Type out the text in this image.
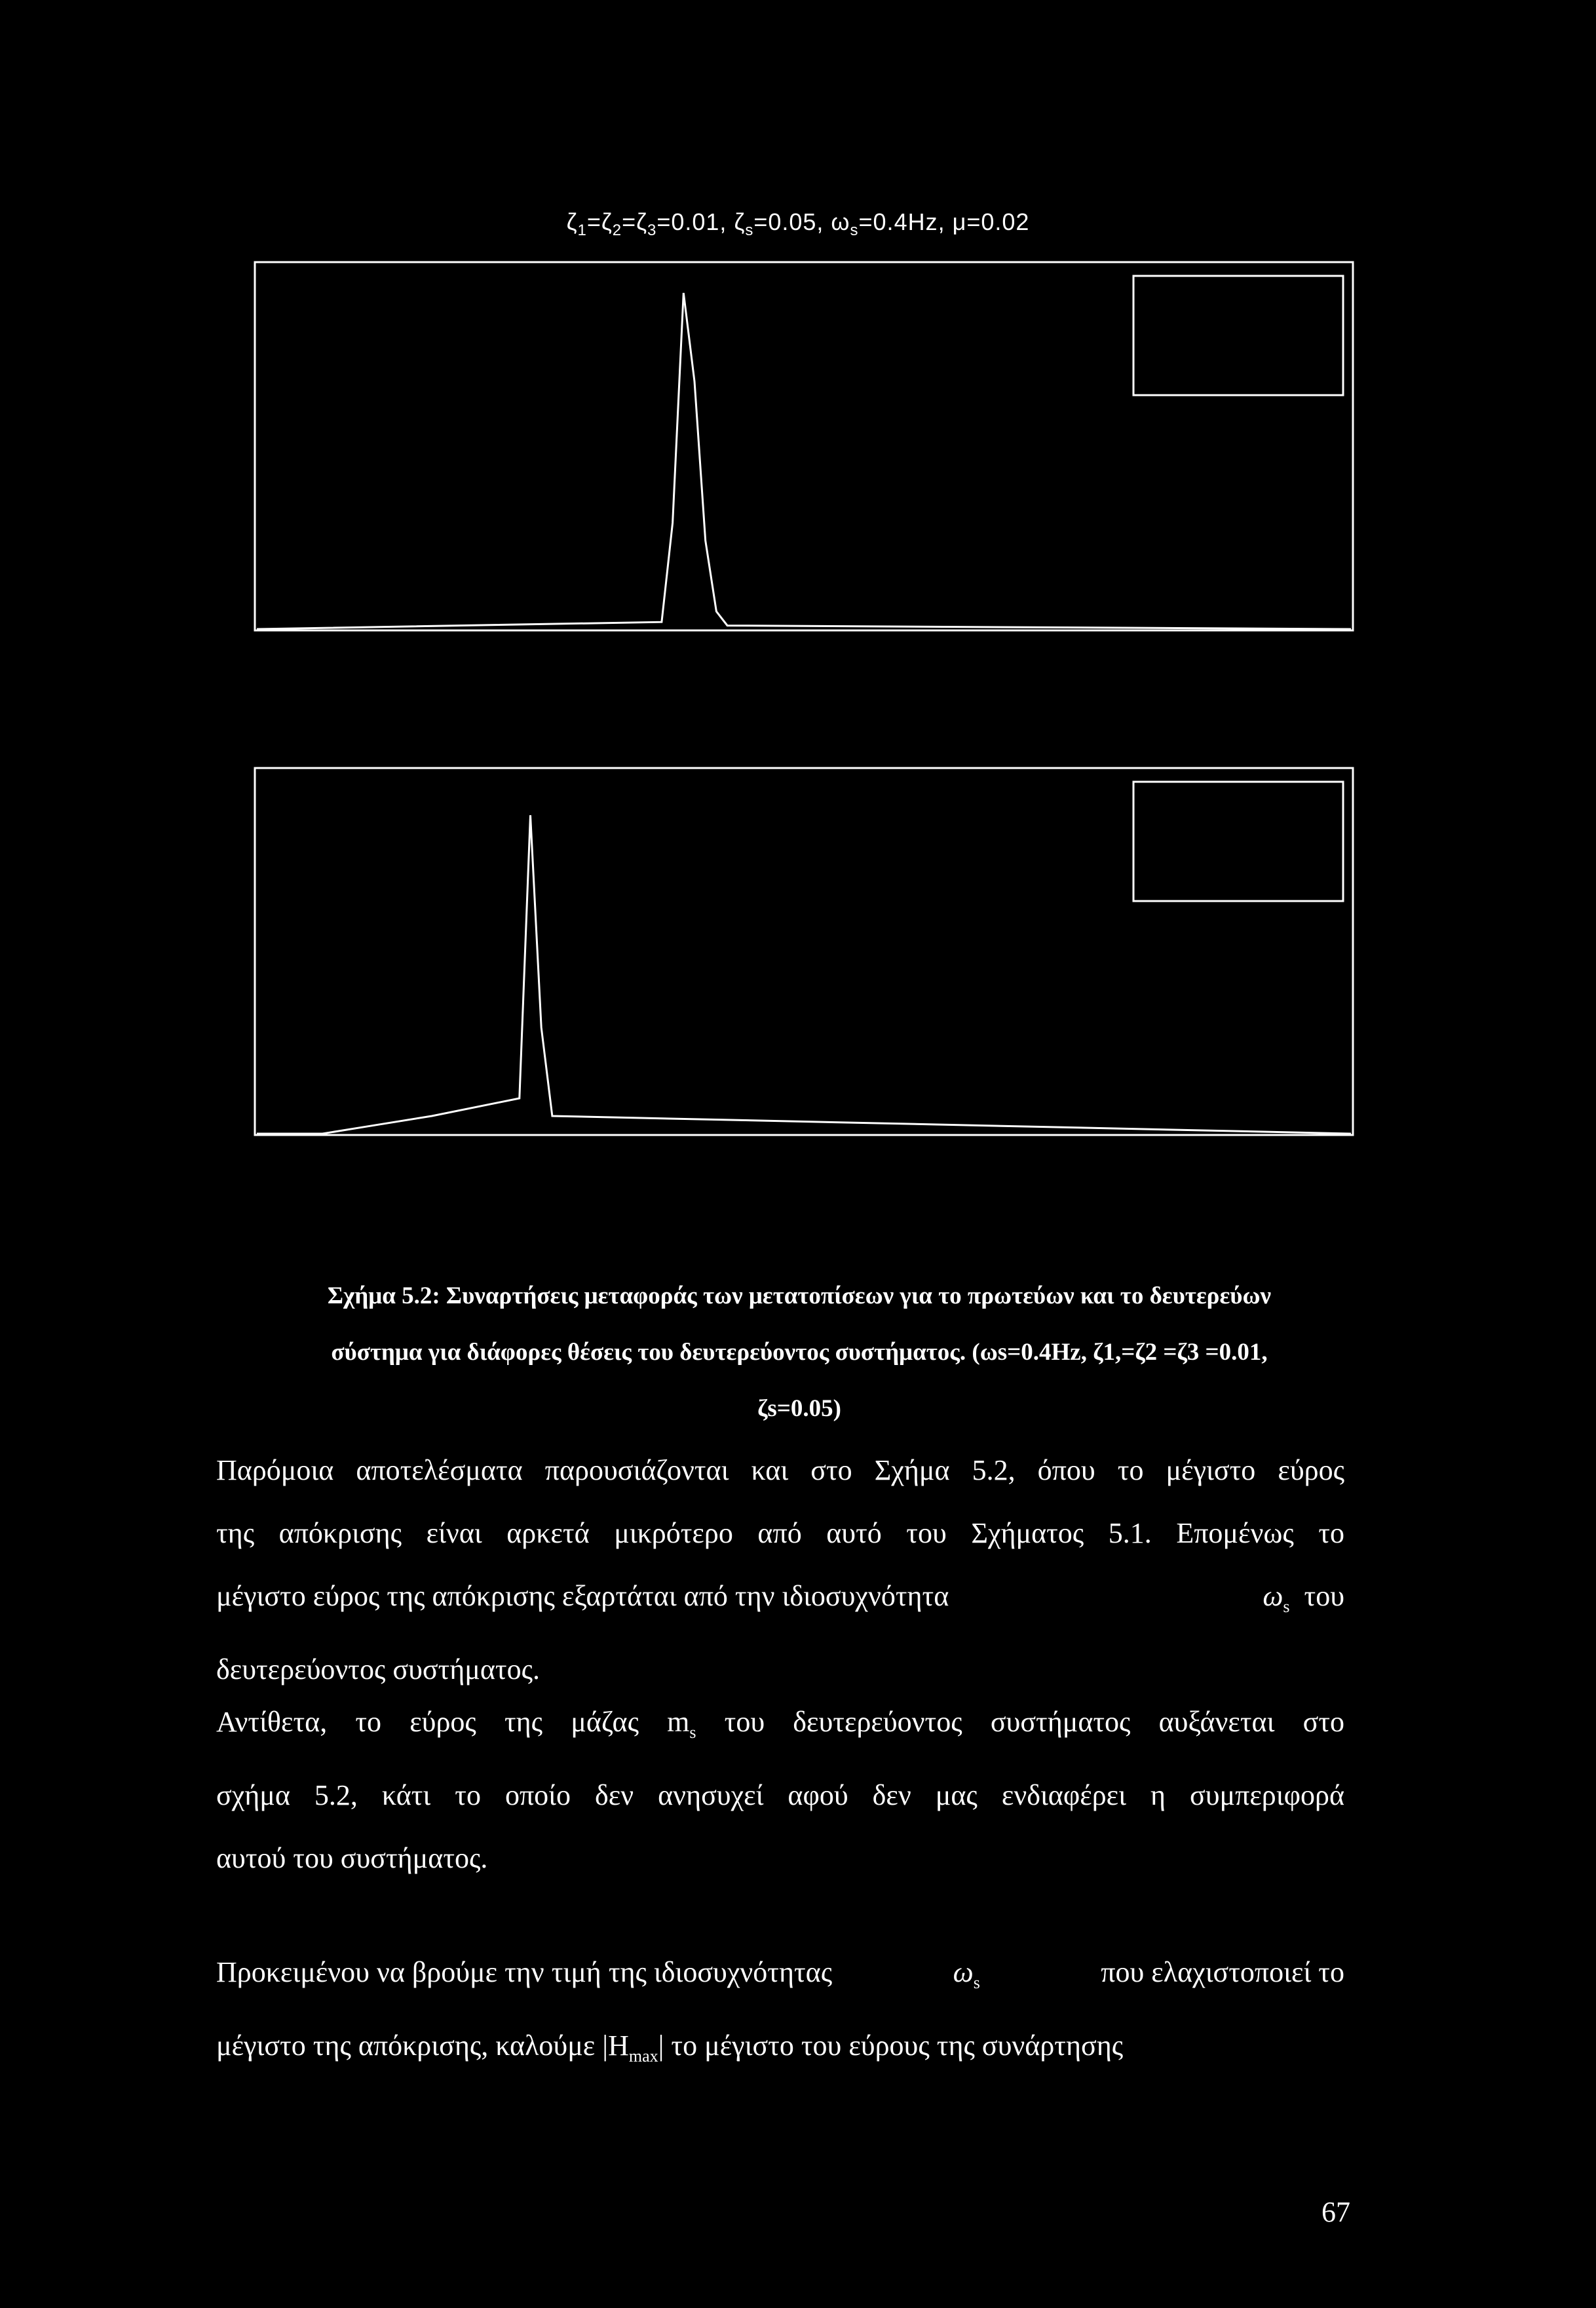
$\zeta_1=\zeta_2=\zeta_3=0.01$, $\zeta_s=0.05$, $\omega_s=0.4Hz$, μ=0.02
Σχήμα 5.2: Συναρτήσεις μεταφοράς των μετατοπίσεων για το πρωτεύων και το δευτερεύων
σύστημα για διάφορες θέσεις του δευτερεύοντος συστήματος. (ωs=0.4Hz, ζ1,=ζ2 =ζ3 =0.01,
ζs=0.05)
Παρόμοια αποτελέσματα παρουσιάζονται και στο Σχήμα 5.2, όπου το μέγιστο εύρος
της απόκρισης είναι αρκετά μικρότερο από αυτό του Σχήματος 5.1. Επομένως το
μέγιστο εύρος της απόκρισης εξαρτάται από την ιδιοσυχνότητα	$\omega_s$ του
δευτερεύοντος συστήματος.
Αντίθετα, το εύρος της μάζας $m_s$ του δευτερεύοντος συστήματος αυξάνεται στο
σχήμα 5.2, κάτι το οποίο δεν ανησυχεί αφού δεν μας ενδιαφέρει η συμπεριφορά
αυτού του συστήματος.
Προκειμένου να βρούμε την τιμή της ιδιοσυχνότητας	$\omega_s$	που ελαχιστοποιεί το
μέγιστο της απόκρισης, καλούμε $|H_{max}|$ το μέγιστο του εύρους της συνάρτησης
67
